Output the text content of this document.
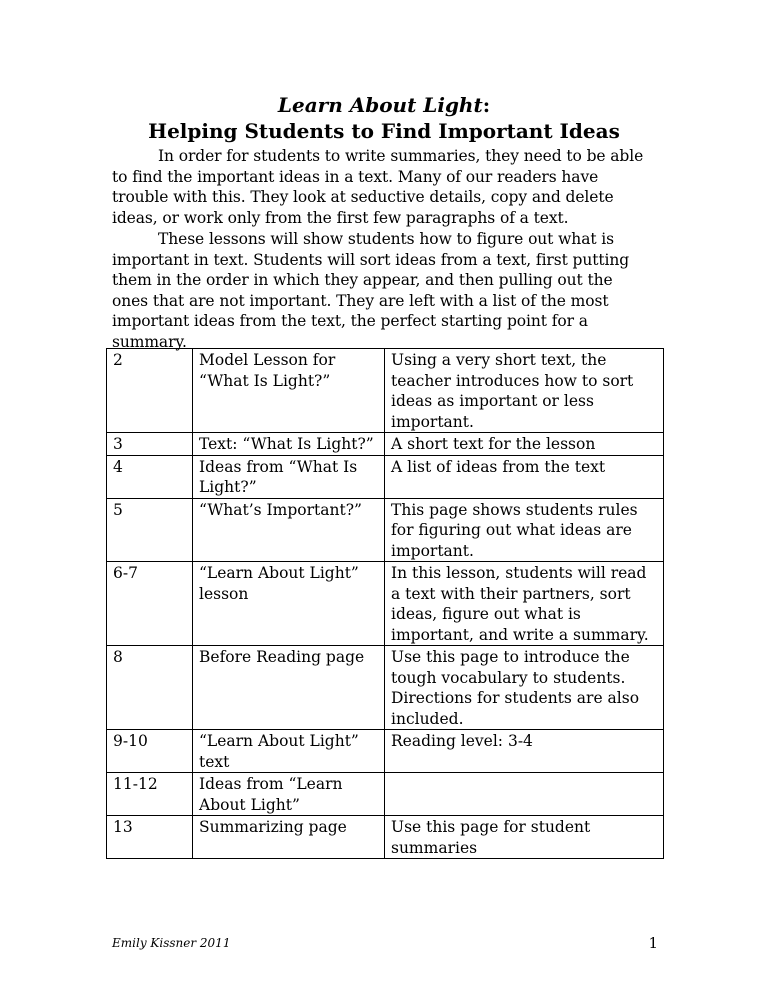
Learn About Light:
Helping Students to Find Important Ideas

In order for students to write summaries, they need to be able to find the important ideas in a text. Many of our readers have trouble with this. They look at seductive details, copy and delete ideas, or work only from the first few paragraphs of a text.

These lessons will show students how to figure out what is important in text. Students will sort ideas from a text, first putting them in the order in which they appear, and then pulling out the ones that are not important. They are left with a list of the most important ideas from the text, the perfect starting point for a summary.

2	Model Lesson for “What Is Light?”	Using a very short text, the teacher introduces how to sort ideas as important or less important.
3	Text: “What Is Light?”	A short text for the lesson
4	Ideas from “What Is Light?”	A list of ideas from the text
5	“What’s Important?”	This page shows students rules for figuring out what ideas are important.
6-7	“Learn About Light” lesson	In this lesson, students will read a text with their partners, sort ideas, figure out what is important, and write a summary.
8	Before Reading page	Use this page to introduce the tough vocabulary to students. Directions for students are also included.
9-10	“Learn About Light” text	Reading level: 3-4
11-12	Ideas from “Learn About Light”	
13	Summarizing page	Use this page for student summaries
Emily Kissner 2011	1
